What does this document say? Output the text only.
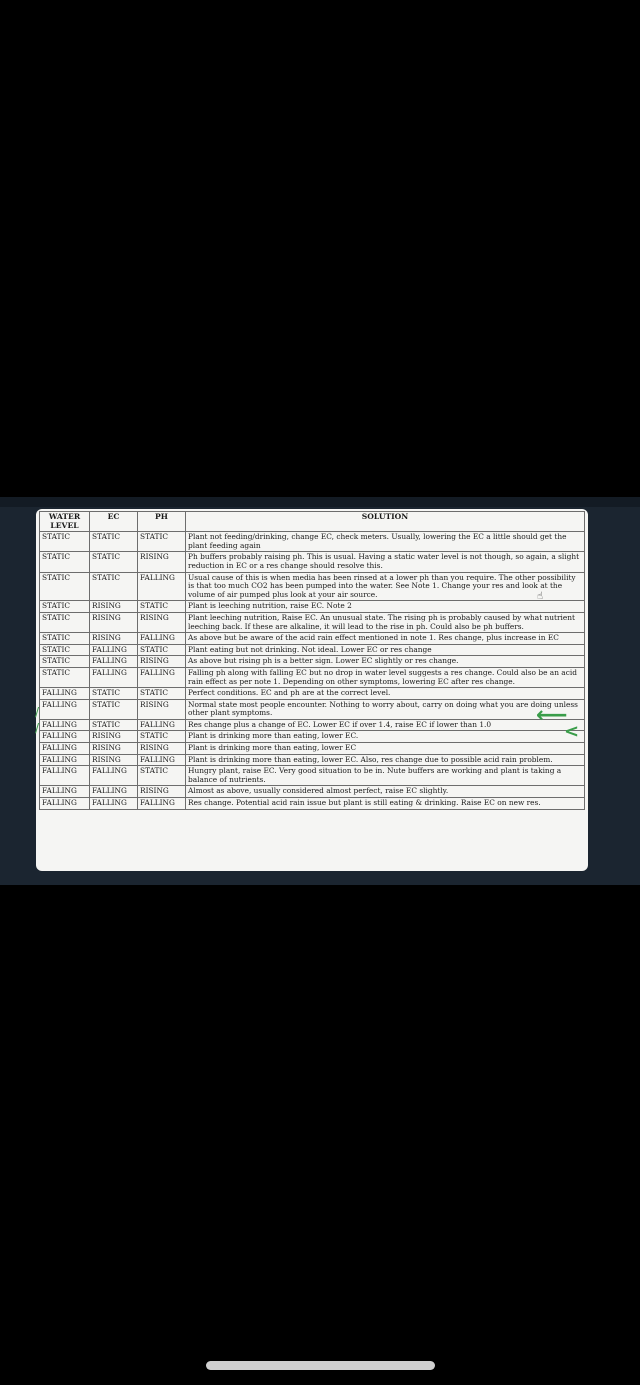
WATER LEVEL	EC	PH	SOLUTION
STATIC	STATIC	STATIC	Plant not feeding/drinking, change EC, check meters. Usually, lowering the EC a little should get the plant feeding again
STATIC	STATIC	RISING	Ph buffers probably raising ph. This is usual. Having a static water level is not though, so again, a slight reduction in EC or a res change should resolve this.
STATIC	STATIC	FALLING	Usual cause of this is when media has been rinsed at a lower ph than you require. The other possibility is that too much CO2 has been pumped into the water. See Note 1. Change your res and look at the volume of air pumped plus look at your air source.
STATIC	RISING	STATIC	Plant is leeching nutrition, raise EC. Note 2
STATIC	RISING	RISING	Plant leeching nutrition, Raise EC. An unusual state. The rising ph is probably caused by what nutrient leeching back. If these are alkaline, it will lead to the rise in ph. Could also be ph buffers.
STATIC	RISING	FALLING	As above but be aware of the acid rain effect mentioned in note 1. Res change, plus increase in EC
STATIC	FALLING	STATIC	Plant eating but not drinking. Not ideal. Lower EC or res change
STATIC	FALLING	RISING	As above but rising ph is a better sign. Lower EC slightly or res change.
STATIC	FALLING	FALLING	Falling ph along with falling EC but no drop in water level suggests a res change. Could also be an acid rain effect as per note 1. Depending on other symptoms, lowering EC after res change.
FALLING	STATIC	STATIC	Perfect conditions. EC and ph are at the correct level.
FALLING	STATIC	RISING	Normal state most people encounter. Nothing to worry about, carry on doing what you are doing unless other plant symptoms.
FALLING	STATIC	FALLING	Res change plus a change of EC. Lower EC if over 1.4, raise EC if lower than 1.0
FALLING	RISING	STATIC	Plant is drinking more than eating, lower EC.
FALLING	RISING	RISING	Plant is drinking more than eating, lower EC
FALLING	RISING	FALLING	Plant is drinking more than eating, lower EC. Also, res change due to possible acid rain problem.
FALLING	FALLING	STATIC	Hungry plant, raise EC. Very good situation to be in. Nute buffers are working and plant is taking a balance of nutrients.
FALLING	FALLING	RISING	Almost as above, usually considered almost perfect, raise EC slightly.
FALLING	FALLING	FALLING	Res change. Potential acid rain issue but plant is still eating & drinking. Raise EC on new res.
/
/	⟵
<
☝
